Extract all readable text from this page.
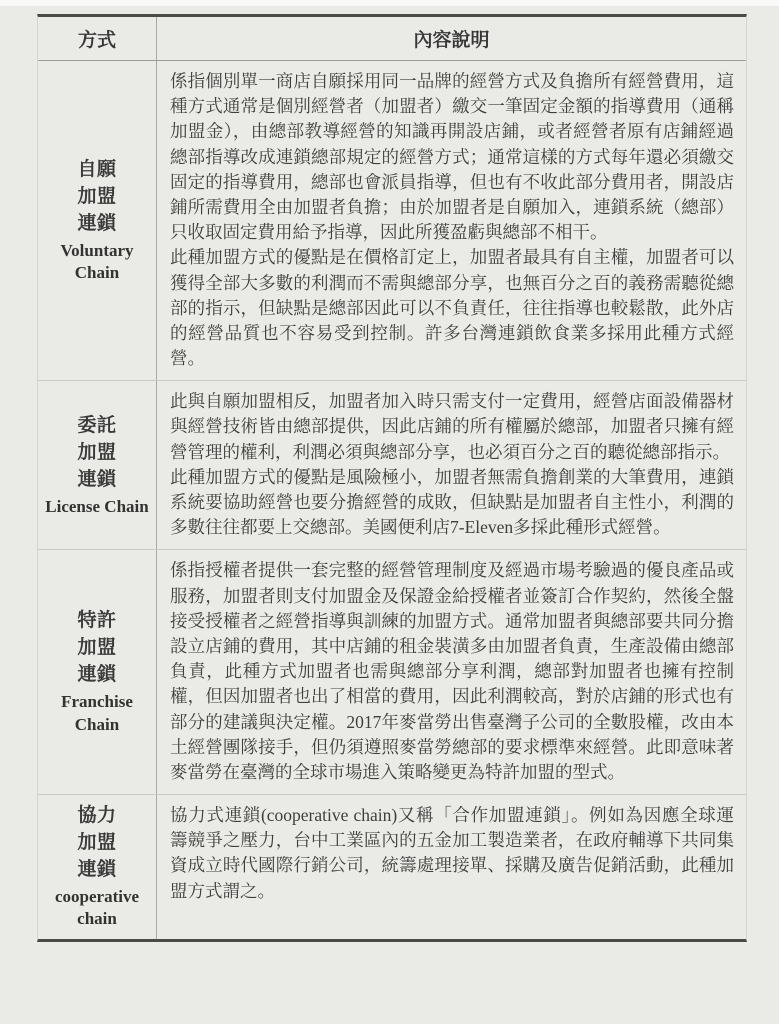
方式	內容說明
自願加盟連鎖
Voluntary Chain

係指個別單一商店自願採用同一品牌的經營方式及負擔所有經營費用，這種方式通常是個別經營者（加盟者）繳交一筆固定金額的指導費用（通稱加盟金），由總部教導經營的知識再開設店鋪，或者經營者原有店鋪經過總部指導改成連鎖總部規定的經營方式；通常這樣的方式每年還必須繳交固定的指導費用，總部也會派員指導，但也有不收此部分費用者，開設店鋪所需費用全由加盟者負擔；由於加盟者是自願加入，連鎖系統（總部）只收取固定費用給予指導，因此所獲盈虧與總部不相干。

此種加盟方式的優點是在價格訂定上，加盟者最具有自主權，加盟者可以獲得全部大多數的利潤而不需與總部分享，也無百分之百的義務需聽從總部的指示，但缺點是總部因此可以不負責任，往往指導也較鬆散，此外店的經營品質也不容易受到控制。許多台灣連鎖飲食業多採用此種方式經營。

委託加盟連鎖
License Chain

此與自願加盟相反，加盟者加入時只需支付一定費用，經營店面設備器材與經營技術皆由總部提供，因此店鋪的所有權屬於總部，加盟者只擁有經營管理的權利，利潤必須與總部分享，也必須百分之百的聽從總部指示。

此種加盟方式的優點是風險極小，加盟者無需負擔創業的大筆費用，連鎖系統要協助經營也要分擔經營的成敗，但缺點是加盟者自主性小，利潤的多數往往都要上交總部。美國便利店7-Eleven多採此種形式經營。

特許加盟連鎖
Franchise Chain

係指授權者提供一套完整的經營管理制度及經過市場考驗過的優良產品或服務，加盟者則支付加盟金及保證金給授權者並簽訂合作契約，然後全盤接受授權者之經營指導與訓練的加盟方式。通常加盟者與總部要共同分擔設立店鋪的費用，其中店鋪的租金裝潢多由加盟者負責，生產設備由總部負責，此種方式加盟者也需與總部分享利潤，總部對加盟者也擁有控制權，但因加盟者也出了相當的費用，因此利潤較高，對於店鋪的形式也有部分的建議與決定權。2017年麥當勞出售臺灣子公司的全數股權，改由本土經營團隊接手，但仍須遵照麥當勞總部的要求標準來經營。此即意味著麥當勞在臺灣的全球市場進入策略變更為特許加盟的型式。

協力加盟連鎖
cooperative chain

協力式連鎖(cooperative chain)又稱「合作加盟連鎖」。例如為因應全球運籌競爭之壓力，台中工業區內的五金加工製造業者，在政府輔導下共同集資成立時代國際行銷公司，統籌處理接單、採購及廣告促銷活動，此種加盟方式謂之。
